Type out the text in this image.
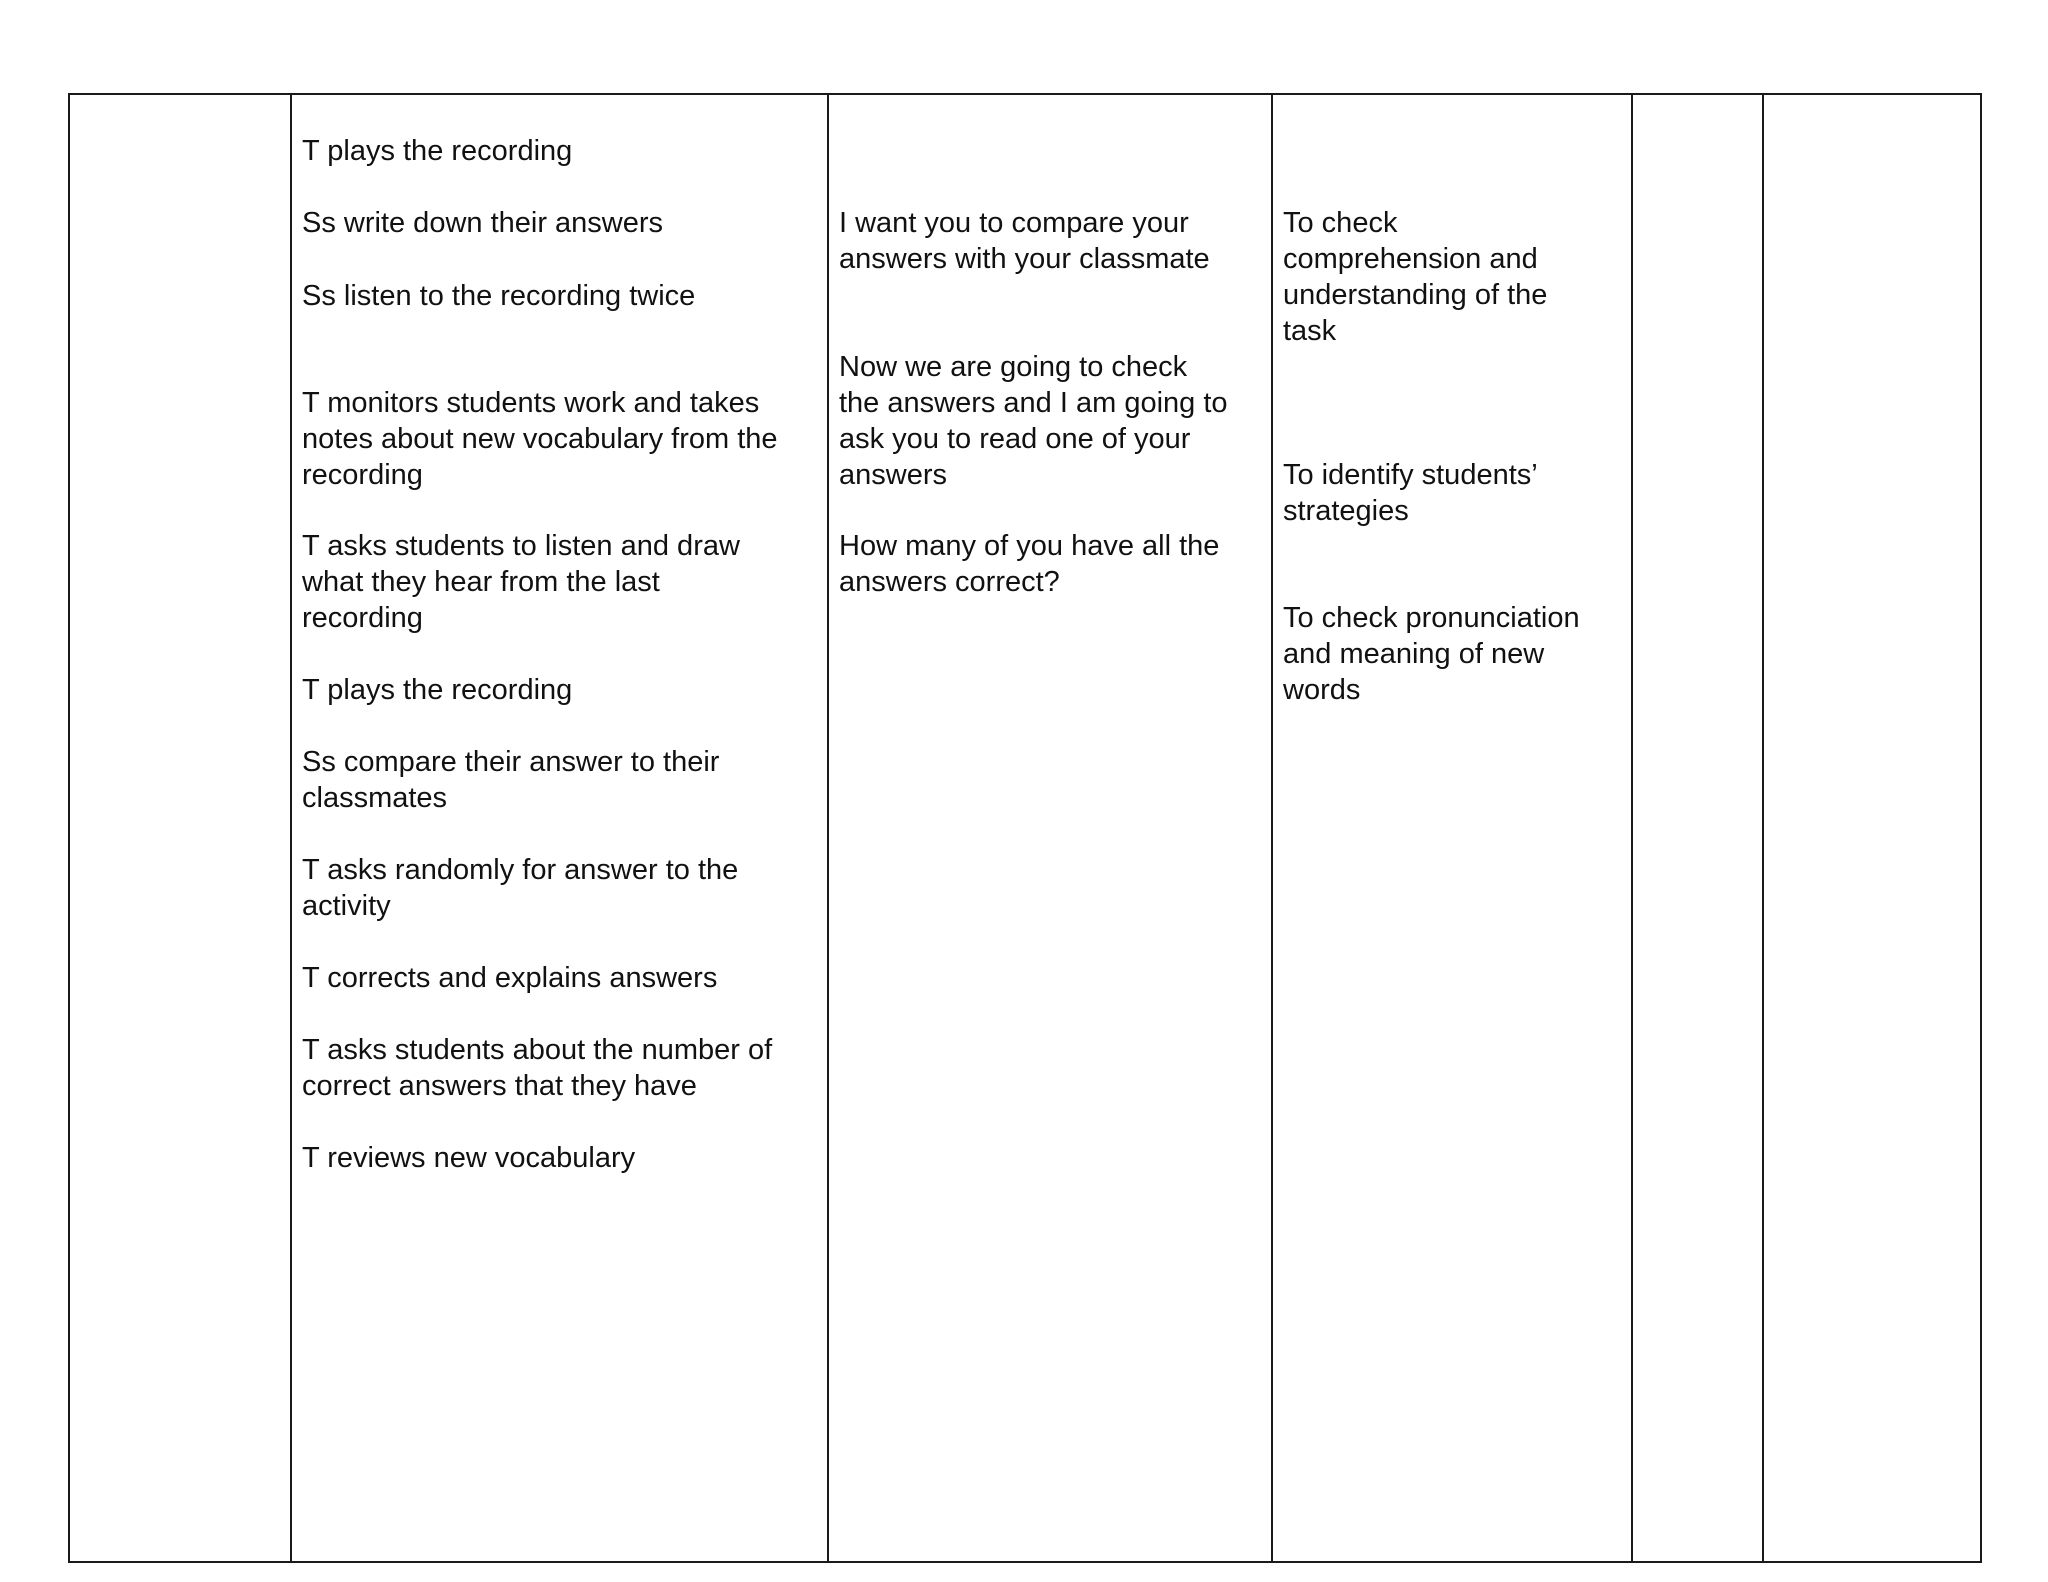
T plays the recording

Ss write down their answers

Ss listen to the recording twice

T monitors students work and takes
notes about new vocabulary from the
recording

T asks students to listen and draw
what they hear from the last
recording

T plays the recording

Ss compare their answer to their
classmates

T asks randomly for answer to the
activity

T corrects and explains answers

T asks students about the number of
correct answers that they have

T reviews new vocabulary

I want you to compare your
answers with your classmate

Now we are going to check
the answers and I am going to
ask you to read one of your
answers

How many of you have all the
answers correct?

To check
comprehension and
understanding of the
task

To identify students’
strategies

To check pronunciation
and meaning of new
words
